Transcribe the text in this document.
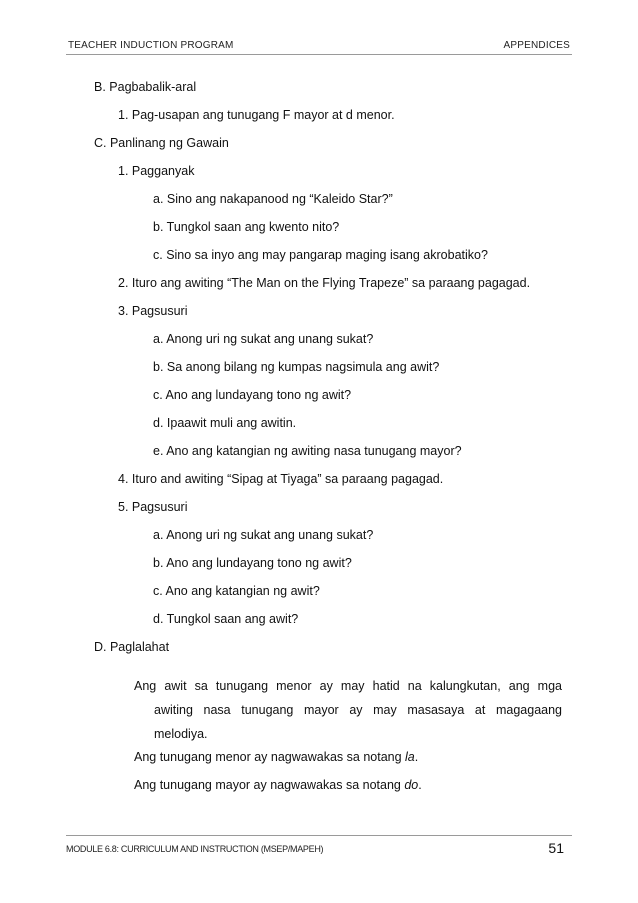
TEACHER INDUCTION PROGRAM	APPENDICES
B. Pagbabalik-aral
1. Pag-usapan ang tunugang F mayor at d menor.
C. Panlinang ng Gawain
1. Pagganyak
a. Sino ang nakapanood ng “Kaleido Star?”
b. Tungkol saan ang kwento nito?
c. Sino sa inyo ang may pangarap maging isang akrobatiko?
2. Ituro ang awiting “The Man on the Flying Trapeze” sa paraang pagagad.
3. Pagsusuri
a. Anong uri ng sukat ang unang sukat?
b. Sa anong bilang ng kumpas nagsimula ang awit?
c. Ano ang lundayang tono ng awit?
d. Ipaawit muli ang awitin.
e. Ano ang katangian ng awiting nasa tunugang mayor?
4. Ituro and awiting “Sipag at Tiyaga” sa paraang pagagad.
5. Pagsusuri
a. Anong uri ng sukat ang unang sukat?
b. Ano ang lundayang tono ng awit?
c. Ano ang katangian ng awit?
d. Tungkol saan ang awit?
D. Paglalahat
Ang awit sa tunugang menor ay may hatid na kalungkutan, ang mga
awiting nasa tunugang mayor ay may masasaya at magagaang
melodiya.
Ang tunugang menor ay nagwawakas sa notang la.
Ang tunugang mayor ay nagwawakas sa notang do.
MODULE 6.8: CURRICULUM AND INSTRUCTION (MSEP/MAPEH)	51
